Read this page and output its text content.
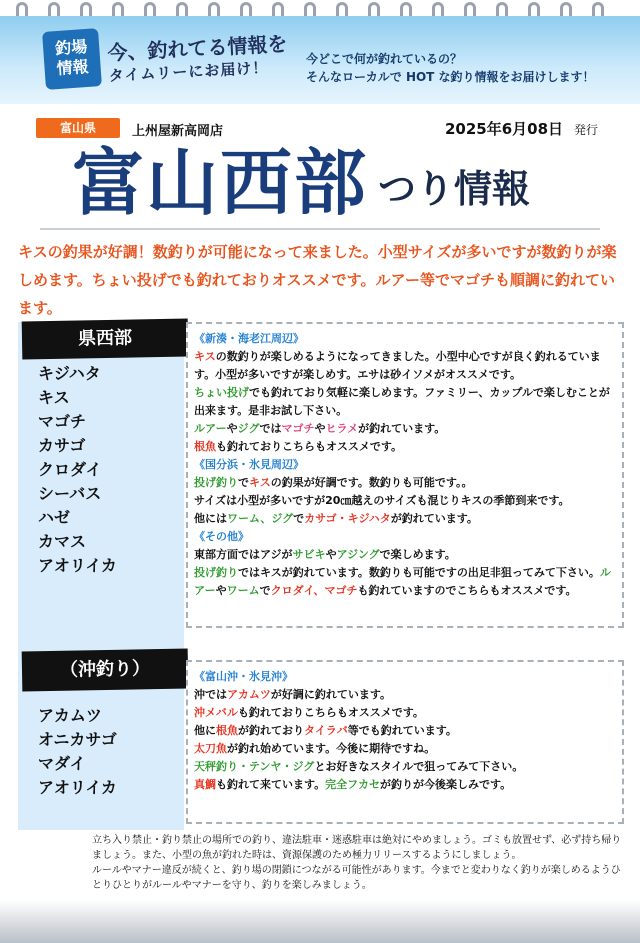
釣場
情報
今、釣れてる情報を
タイムリーにお届け！	今どこで何が釣れているの？
そんなローカルで HOT な釣り情報をお届けします！
富山県	上州屋新高岡店	2025年6月08日 発行
富山西部 つり情報
キスの釣果が好調！数釣りが可能になって来ました。小型サイズが多いですが数釣りが楽しめます。ちょい投げでも釣れておりオススメです。ルアー等でマゴチも順調に釣れています。
県西部
キジハタ
キス
マゴチ
カサゴ
クロダイ
シーバス
ハゼ
カマス
アオリイカ
（沖釣り）
アカムツ
オニカサゴ
マダイ
アオリイカ
《新湊・海老江周辺》
キスの数釣りが楽しめるようになってきました。小型中心ですが良く釣れるています。小型が多いですが楽しめす。エサは砂イソメがオススメです。
ちょい投げでも釣れており気軽に楽しめます。ファミリー、カップルで楽しむことが出来ます。是非お試し下さい。
ルアーやジグではマゴチやヒラメが釣れています。
根魚も釣れておりこちらもオススメです。
《国分浜・氷見周辺》
投げ釣りでキスの釣果が好調です。数釣りも可能です。。
サイズは小型が多いですが20㎝越えのサイズも混じりキスの季節到来です。
他にはワーム、ジグでカサゴ・キジハタが釣れています。
《その他》
東部方面ではアジがサビキやアジングで楽しめます。
投げ釣りではキスが釣れています。数釣りも可能ですの出足非狙ってみて下さい。ルアーやワームでクロダイ、マゴチも釣れていますのでこちらもオススメです。
《富山沖・氷見沖》
沖ではアカムツが好調に釣れています。
沖メバルも釣れておりこちらもオススメです。
他に根魚が釣れておりタイラバ等でも釣れています。
太刀魚が釣れ始めています。今後に期待ですね。
天秤釣り・テンヤ・ジグとお好きなスタイルで狙ってみて下さい。
真鯛も釣れて来ています。完全フカセが釣りが今後楽しみです。
立ち入り禁止・釣り禁止の場所での釣り、違法駐車・迷惑駐車は絶対にやめましょう。ゴミも放置せず、必ず持ち帰りましょう。また、小型の魚が釣れた時は、資源保護のため極力リリースするようにしましょう。
ルールやマナー違反が続くと、釣り場の閉鎖につながる可能性があります。今までと変わりなく釣りが楽しめるようひとりひとりがルールやマナーを守り、釣りを楽しみましょう。
